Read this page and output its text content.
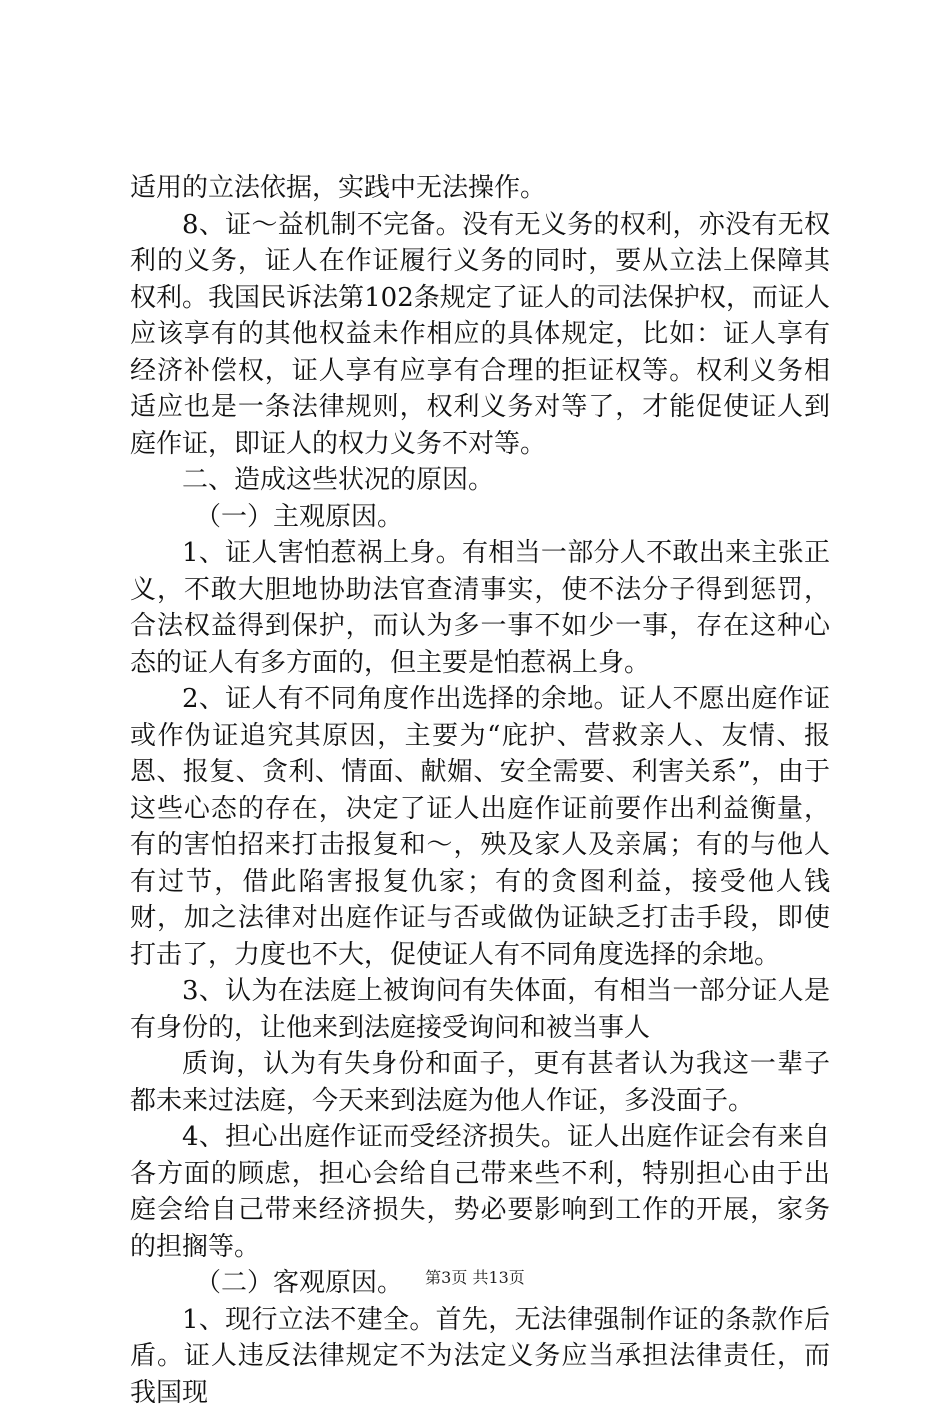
适用的立法依据，实践中无法操作。

8、证～益机制不完备。没有无义务的权利，亦没有无权利的义务，证人在作证履行义务的同时，要从立法上保障其权利。我国民诉法第102条规定了证人的司法保护权，而证人应该享有的其他权益未作相应的具体规定，比如：证人享有经济补偿权，证人享有应享有合理的拒证权等。权利义务相适应也是一条法律规则，权利义务对等了，才能促使证人到庭作证，即证人的权力义务不对等。

二、造成这些状况的原因。

（一）主观原因。

1、证人害怕惹祸上身。有相当一部分人不敢出来主张正义，不敢大胆地协助法官查清事实，使不法分子得到惩罚，合法权益得到保护，而认为多一事不如少一事，存在这种心态的证人有多方面的，但主要是怕惹祸上身。

2、证人有不同角度作出选择的余地。证人不愿出庭作证或作伪证追究其原因，主要为“庇护、营救亲人、友情、报恩、报复、贪利、情面、献媚、安全需要、利害关系”，由于这些心态的存在，决定了证人出庭作证前要作出利益衡量，有的害怕招来打击报复和～，殃及家人及亲属；有的与他人有过节，借此陷害报复仇家；有的贪图利益，接受他人钱财，加之法律对出庭作证与否或做伪证缺乏打击手段，即使打击了，力度也不大，促使证人有不同角度选择的余地。

3、认为在法庭上被询问有失体面，有相当一部分证人是有身份的，让他来到法庭接受询问和被当事人

质询，认为有失身份和面子，更有甚者认为我这一辈子都未来过法庭，今天来到法庭为他人作证，多没面子。

4、担心出庭作证而受经济损失。证人出庭作证会有来自各方面的顾虑，担心会给自己带来些不利，特别担心由于出庭会给自己带来经济损失，势必要影响到工作的开展，家务的担搁等。

（二）客观原因。

1、现行立法不建全。首先，无法律强制作证的条款作后盾。证人违反法律规定不为法定义务应当承担法律责任，而我国现

第3页 共13页
